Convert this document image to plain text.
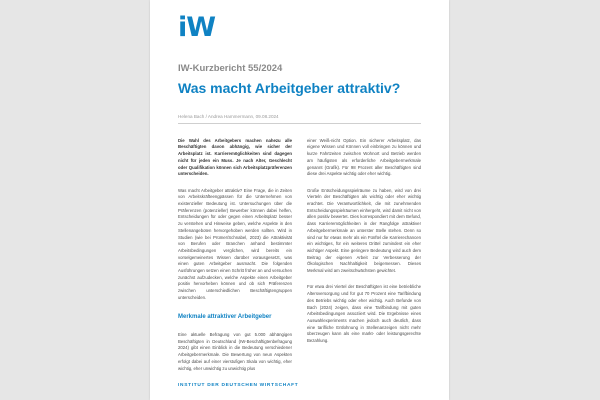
iW
IW-Kurzbericht 55/2024
Was macht Arbeitgeber attraktiv?
Helena Bach / Andrea Hammermann, 09.08.2024

Die Wahl des Arbeitgebers machen nahezu alle Beschäftigten davon abhängig, wie sicher der Arbeitsplatz ist. Karrieremöglichkeiten sind dagegen nicht für jeden ein Muss. Je nach Alter, Geschlecht oder Qualifikation können sich Arbeitsplatzpräferenzen unterscheiden.

Was macht Arbeitgeber attraktiv? Eine Frage, die in Zeiten von Arbeitskräfteengpässen für die Unternehmen von existenzieller Bedeutung ist. Untersuchungen über die Präferenzen (potenzieller) Bewerber können dabei helfen, Entscheidungen für oder gegen einen Arbeitsplatz besser zu verstehen und Hinweise geben, welche Aspekte in den Stellenangeboten hervorgehoben werden sollten. Wird in Studien (wie bei Prümer/Schnabel, 2023) die Attraktivität von Berufen oder Branchen anhand bestimmter Arbeitsbedingungen verglichen, wird bereits ein vorselgemeinertes Wissen darüber vorausgesetzt, was einen guten Arbeitgeber ausmacht. Die folgenden Ausführungen setzen einen Schritt früher an und versuchen zunächst aufzudecken, welche Aspekte einen Arbeitgeber positiv hervorheben können und ob sich Präferenzen zwischen unterschiedlichen Beschäftigtengruppen unterscheiden.

Merkmale attraktiver Arbeitgeber

Eine aktuelle Befragung von gut 5.000 abhängigen Beschäftigten in Deutschland (IW-Beschäftigtenbefragung 2024) gibt einen Einblick in die Bedeutung verschiedener Arbeitgebermerkmale. Die Bewertung von neun Aspekten erfolgt dabei auf einer vierstufigen Skala von wichtig, eher wichtig, eher unwichtig zu unwichtig plus

einer Weiß-nicht Option. Ein sicherer Arbeitsplatz, das eigene Wissen und Können voll einbringen zu können und kurze Fahrtzeiten zwischen Wohnort und Betrieb werden am häufigsten als erforderliche Arbeitgebermerkmale genannt (Grafik). Für 98 Prozent aller Beschäftigten sind diese drei Aspekte wichtig oder eher wichtig.

Große Entscheidungsspielräume zu haben, wird von drei Vierteln der Beschäftigten als wichtig oder eher wichtig erachtet. Die Verantwortlichkeit, die mit zunehmenden Entscheidungsspielräumen einhergeht, wird damit nicht von allen positiv bewertet. Dies korrespondiert mit dem Befund, dass Karrieremöglichkeiten in der Rangfolge attraktiver Arbeitgebermerkmale an unterster Stelle stehen. Denn so sind nur für etwas mehr als ein Fünftel die Karrierechancen ein wichtiges, für ein weiteres Drittel zumindest ein eher wichtiger Aspekt. Eine geringere Bedeutung wird auch dem Beitrag der eigenen Arbeit zur Verbesserung der Ökologischen Nachhaltigkeit beigemessen. Dieses Merkmal wird am zweitschwächsten gewichtet.

Für etwa drei Viertel der Beschäftigten ist eine betriebliche Altersversorgung und für gut 70 Prozent eine Tarifbindung des Betriebs wichtig oder eher wichtig. Auch Befunde von Bach (2024) zeigen, dass eine Tarifbindung mit guten Arbeitsbedingungen assoziiert wird. Die Ergebnisse eines Auswahlexperiments machen jedoch auch deutlich, dass eine tarifliche Entlohnung in Stellenanzeigen nicht mehr überzeugen kann als eine markt- oder leistungsgerechte Bezahlung.

INSTITUT DER DEUTSCHEN WIRTSCHAFT
